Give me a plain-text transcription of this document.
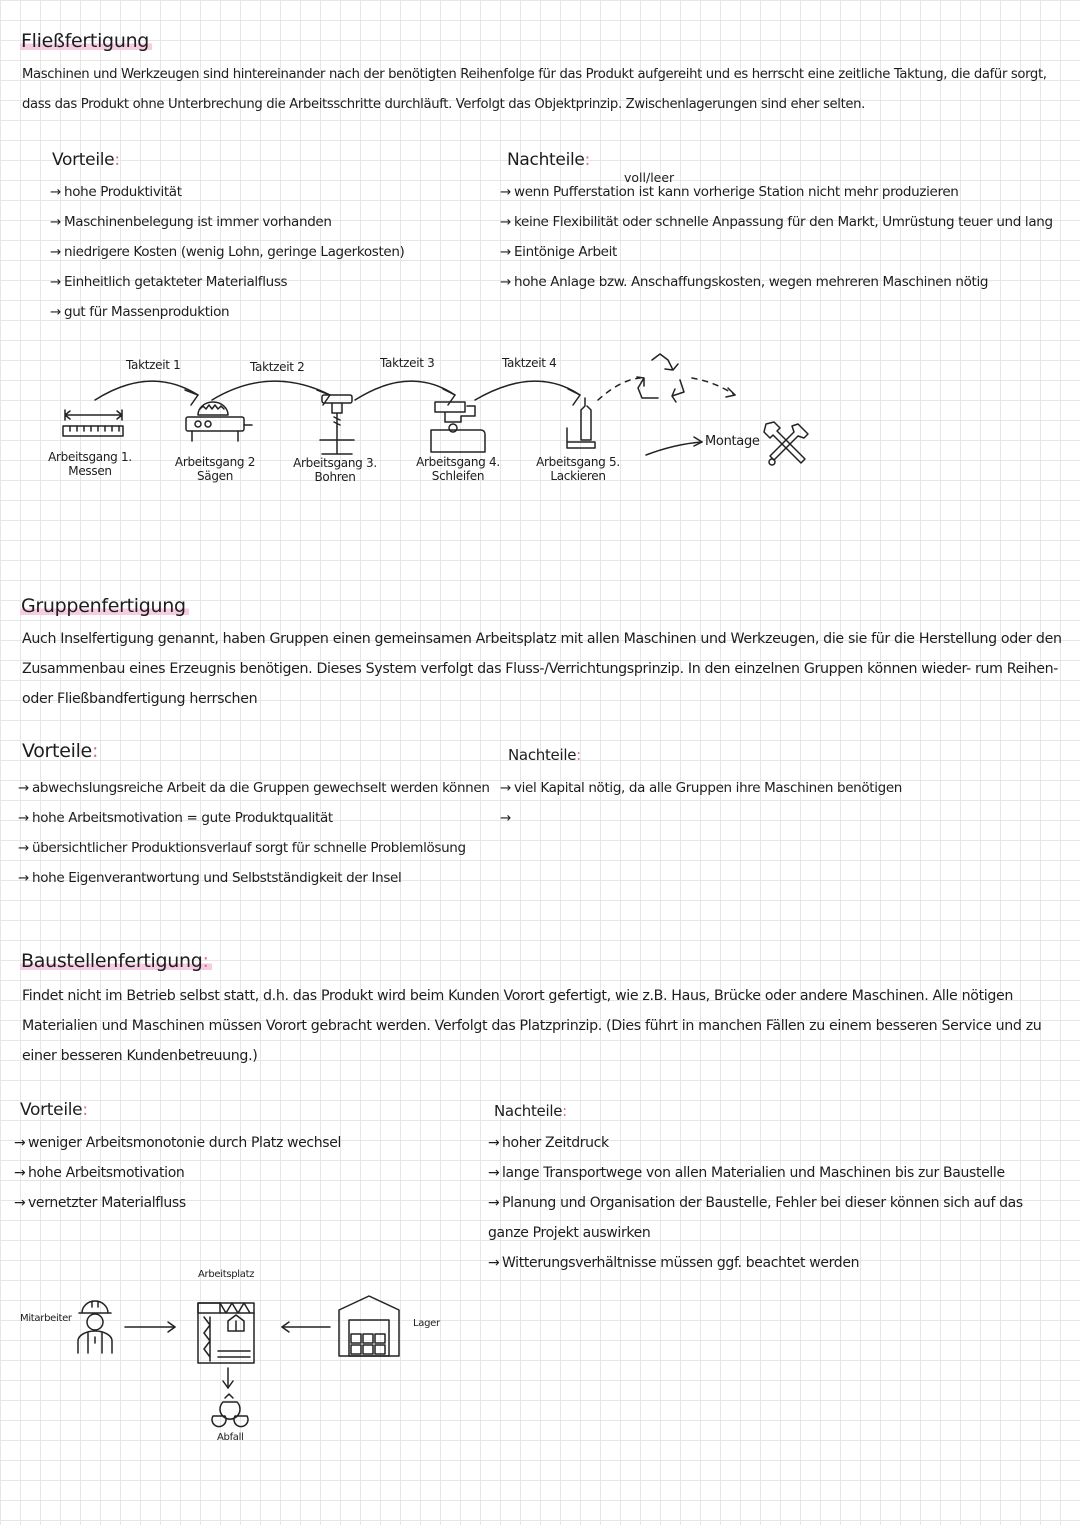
Fließfertigung
Maschinen und Werkzeugen sind hintereinander nach der benötigten Reihenfolge für das Produkt aufgereiht und es herrscht eine zeitliche Taktung, die dafür sorgt, dass das Produkt ohne Unterbrechung die Arbeitsschritte durchläuft. Verfolgt das Objektprinzip. Zwischenlagerungen sind eher selten.
Vorteile:
→ hohe Produktivität
→ Maschinenbelegung ist immer vorhanden
→ niedrigere Kosten (wenig Lohn, geringe Lagerkosten)
→ Einheitlich getakteter Materialfluss
→ gut für Massenproduktion
Nachteile:
voll/leer
→ wenn Pufferstation ist kann vorherige Station nicht mehr produzieren
→ keine Flexibilität oder schnelle Anpassung für den Markt, Umrüstung teuer und lang
→ Eintönige Arbeit
→ hohe Anlage bzw. Anschaffungskosten, wegen mehreren Maschinen nötig
Taktzeit 1	Taktzeit 2	Taktzeit 3	Taktzeit 4
Arbeitsgang 1.
Messen
Arbeitsgang 2
Sägen
Arbeitsgang 3.
Bohren
Arbeitsgang 4.
Schleifen
Arbeitsgang 5.
Lackieren
Montage
Gruppenfertigung
Auch Inselfertigung genannt, haben Gruppen einen gemeinsamen Arbeitsplatz mit allen Maschinen und Werkzeugen, die sie für die Herstellung oder den Zusammenbau eines Erzeugnis benötigen. Dieses System verfolgt das Fluss-/Verrichtungsprinzip. In den einzelnen Gruppen können wieder- rum Reihen- oder Fließbandfertigung herrschen
Vorteile:
→ abwechslungsreiche Arbeit da die Gruppen gewechselt werden können
→ hohe Arbeitsmotivation = gute Produktqualität
→ übersichtlicher Produktionsverlauf sorgt für schnelle Problemlösung
→ hohe Eigenverantwortung und Selbstständigkeit der Insel
Nachteile:
→ viel Kapital nötig, da alle Gruppen ihre Maschinen benötigen
→
Baustellenfertigung:
Findet nicht im Betrieb selbst statt, d.h. das Produkt wird beim Kunden Vorort gefertigt, wie z.B. Haus, Brücke oder andere Maschinen. Alle nötigen Materialien und Maschinen müssen Vorort gebracht werden. Verfolgt das Platzprinzip. (Dies führt in manchen Fällen zu einem besseren Service und zu einer besseren Kundenbetreuung.)
Vorteile:
→ weniger Arbeitsmonotonie durch Platz wechsel
→ hohe Arbeitsmotivation
→ vernetzter Materialfluss
Nachteile:
→ hoher Zeitdruck
→ lange Transportwege von allen Materialien und Maschinen bis zur Baustelle
→ Planung und Organisation der Baustelle, Fehler bei dieser können sich auf das ganze Projekt auswirken
→ Witterungsverhältnisse müssen ggf. beachtet werden
Mitarbeiter
Arbeitsplatz
Lager
Abfall
